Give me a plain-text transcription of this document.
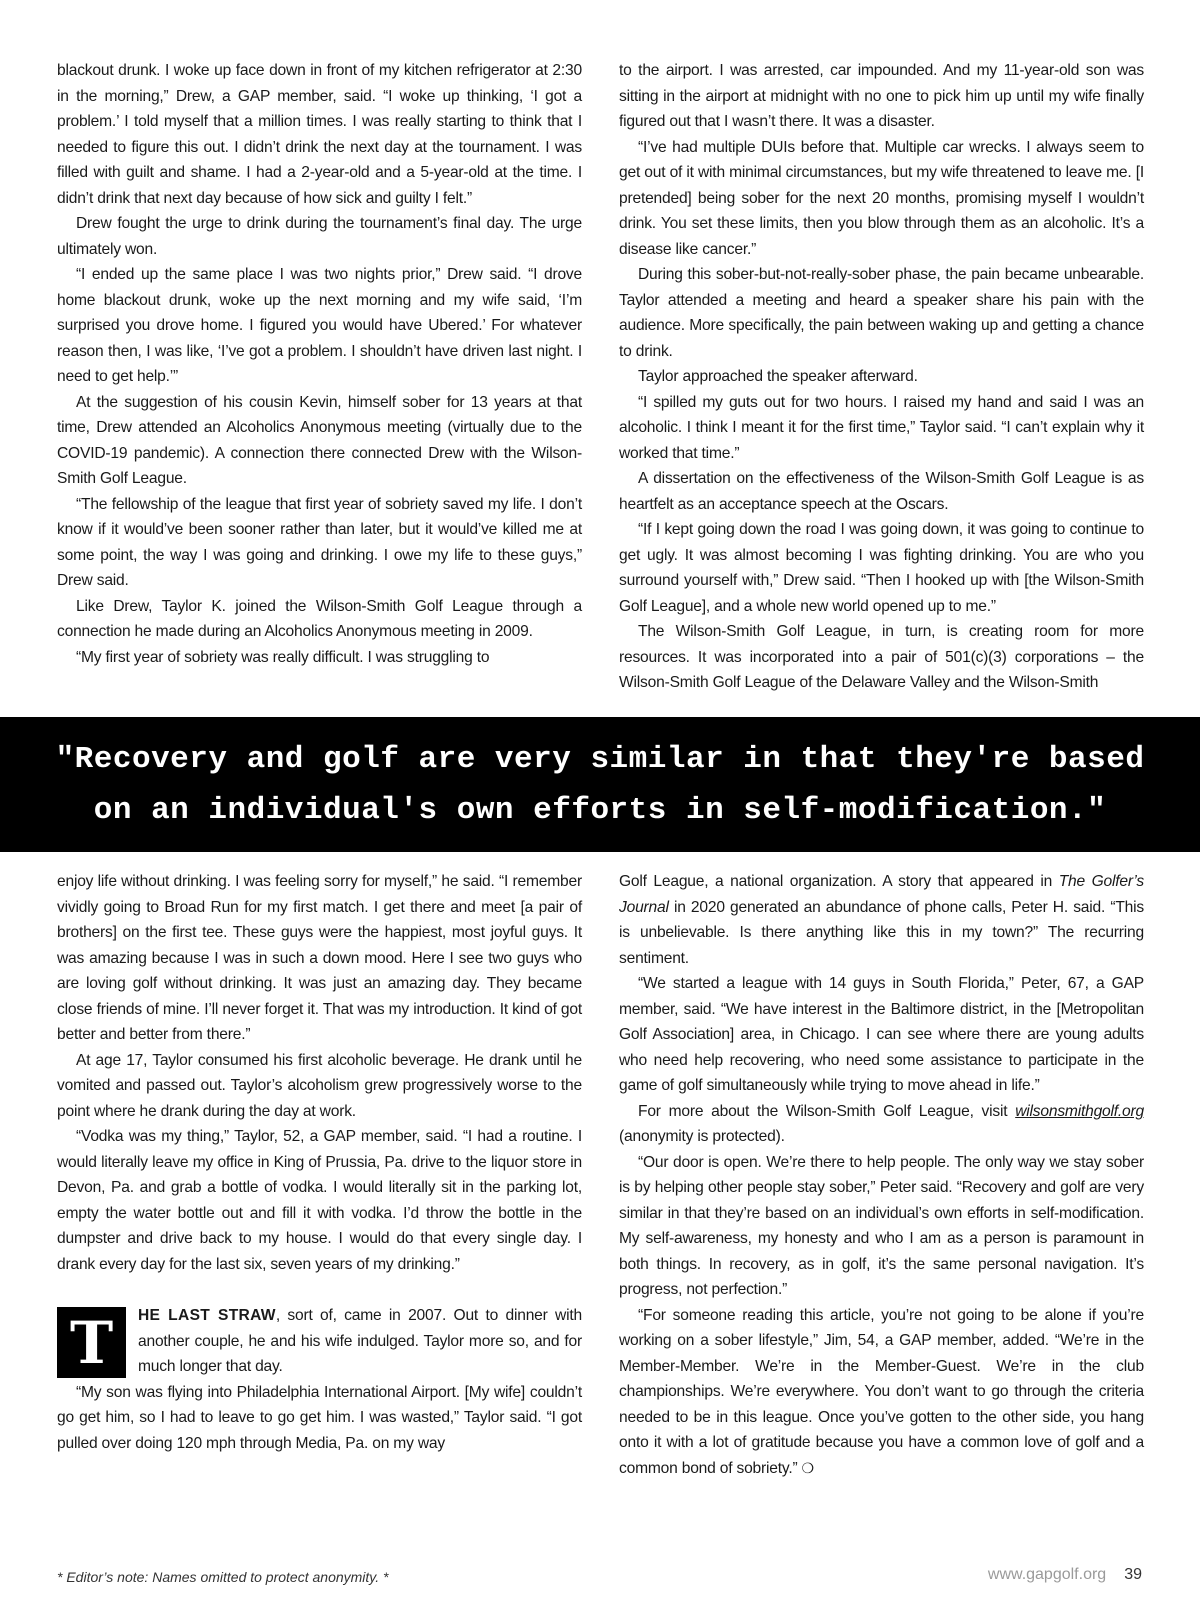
blackout drunk. I woke up face down in front of my kitchen refrigerator at 2:30 in the morning,” Drew, a GAP member, said. “I woke up thinking, ‘I got a problem.’ I told myself that a million times. I was really starting to think that I needed to figure this out. I didn’t drink the next day at the tournament. I was filled with guilt and shame. I had a 2-year-old and a 5-year-old at the time. I didn’t drink that next day because of how sick and guilty I felt.”

Drew fought the urge to drink during the tournament’s final day. The urge ultimately won.

“I ended up the same place I was two nights prior,” Drew said. “I drove home blackout drunk, woke up the next morning and my wife said, ‘I’m surprised you drove home. I figured you would have Ubered.’ For whatever reason then, I was like, ‘I’ve got a problem. I shouldn’t have driven last night. I need to get help.’”

At the suggestion of his cousin Kevin, himself sober for 13 years at that time, Drew attended an Alcoholics Anonymous meeting (virtually due to the COVID-19 pandemic). A connection there connected Drew with the Wilson-Smith Golf League.

“The fellowship of the league that first year of sobriety saved my life. I don’t know if it would’ve been sooner rather than later, but it would’ve killed me at some point, the way I was going and drinking. I owe my life to these guys,” Drew said.

Like Drew, Taylor K. joined the Wilson-Smith Golf League through a connection he made during an Alcoholics Anonymous meeting in 2009.

“My first year of sobriety was really difficult. I was struggling to

to the airport. I was arrested, car impounded. And my 11-year-old son was sitting in the airport at midnight with no one to pick him up until my wife finally figured out that I wasn’t there. It was a disaster.

“I’ve had multiple DUIs before that. Multiple car wrecks. I always seem to get out of it with minimal circumstances, but my wife threatened to leave me. [I pretended] being sober for the next 20 months, promising myself I wouldn’t drink. You set these limits, then you blow through them as an alcoholic. It’s a disease like cancer.”

During this sober-but-not-really-sober phase, the pain became unbearable. Taylor attended a meeting and heard a speaker share his pain with the audience. More specifically, the pain between waking up and getting a chance to drink.

Taylor approached the speaker afterward.

“I spilled my guts out for two hours. I raised my hand and said I was an alcoholic. I think I meant it for the first time,” Taylor said. “I can’t explain why it worked that time.”

A dissertation on the effectiveness of the Wilson-Smith Golf League is as heartfelt as an acceptance speech at the Oscars.

“If I kept going down the road I was going down, it was going to continue to get ugly. It was almost becoming I was fighting drinking. You are who you surround yourself with,” Drew said. “Then I hooked up with [the Wilson-Smith Golf League], and a whole new world opened up to me.”

The Wilson-Smith Golf League, in turn, is creating room for more resources. It was incorporated into a pair of 501(c)(3) corporations – the Wilson-Smith Golf League of the Delaware Valley and the Wilson-Smith

"Recovery and golf are very similar in that they're based on an individual's own efforts in self-modification."

enjoy life without drinking. I was feeling sorry for myself,” he said. “I remember vividly going to Broad Run for my first match. I get there and meet [a pair of brothers] on the first tee. These guys were the happiest, most joyful guys. It was amazing because I was in such a down mood. Here I see two guys who are loving golf without drinking. It was just an amazing day. They became close friends of mine. I’ll never forget it. That was my introduction. It kind of got better and better from there.”

At age 17, Taylor consumed his first alcoholic beverage. He drank until he vomited and passed out. Taylor’s alcoholism grew progressively worse to the point where he drank during the day at work.

“Vodka was my thing,” Taylor, 52, a GAP member, said. “I had a routine. I would literally leave my office in King of Prussia, Pa. drive to the liquor store in Devon, Pa. and grab a bottle of vodka. I would literally sit in the parking lot, empty the water bottle out and fill it with vodka. I’d throw the bottle in the dumpster and drive back to my house. I would do that every single day. I drank every day for the last six, seven years of my drinking.”

T	HE LAST STRAW, sort of, came in 2007. Out to dinner with another couple, he and his wife indulged. Taylor more so, and for much longer that day.

“My son was flying into Philadelphia International Airport. [My wife] couldn’t go get him, so I had to leave to go get him. I was wasted,” Taylor said. “I got pulled over doing 120 mph through Media, Pa. on my way

Golf League, a national organization. A story that appeared in The Golfer’s Journal in 2020 generated an abundance of phone calls, Peter H. said. “This is unbelievable. Is there anything like this in my town?” The recurring sentiment.

“We started a league with 14 guys in South Florida,” Peter, 67, a GAP member, said. “We have interest in the Baltimore district, in the [Metropolitan Golf Association] area, in Chicago. I can see where there are young adults who need help recovering, who need some assistance to participate in the game of golf simultaneously while trying to move ahead in life.”

For more about the Wilson-Smith Golf League, visit wilsonsmithgolf.org (anonymity is protected).

“Our door is open. We’re there to help people. The only way we stay sober is by helping other people stay sober,” Peter said. “Recovery and golf are very similar in that they’re based on an individual’s own efforts in self-modification. My self-awareness, my honesty and who I am as a person is paramount in both things. In recovery, as in golf, it’s the same personal navigation. It’s progress, not perfection.”

“For someone reading this article, you’re not going to be alone if you’re working on a sober lifestyle,” Jim, 54, a GAP member, added. “We’re in the Member-Member. We’re in the Member-Guest. We’re in the club championships. We’re everywhere. You don’t want to go through the criteria needed to be in this league. Once you’ve gotten to the other side, you hang onto it with a lot of gratitude because you have a common love of golf and a common bond of sobriety.” ❍

* Editor’s note: Names omitted to protect anonymity. *	www.gapgolf.org 39
